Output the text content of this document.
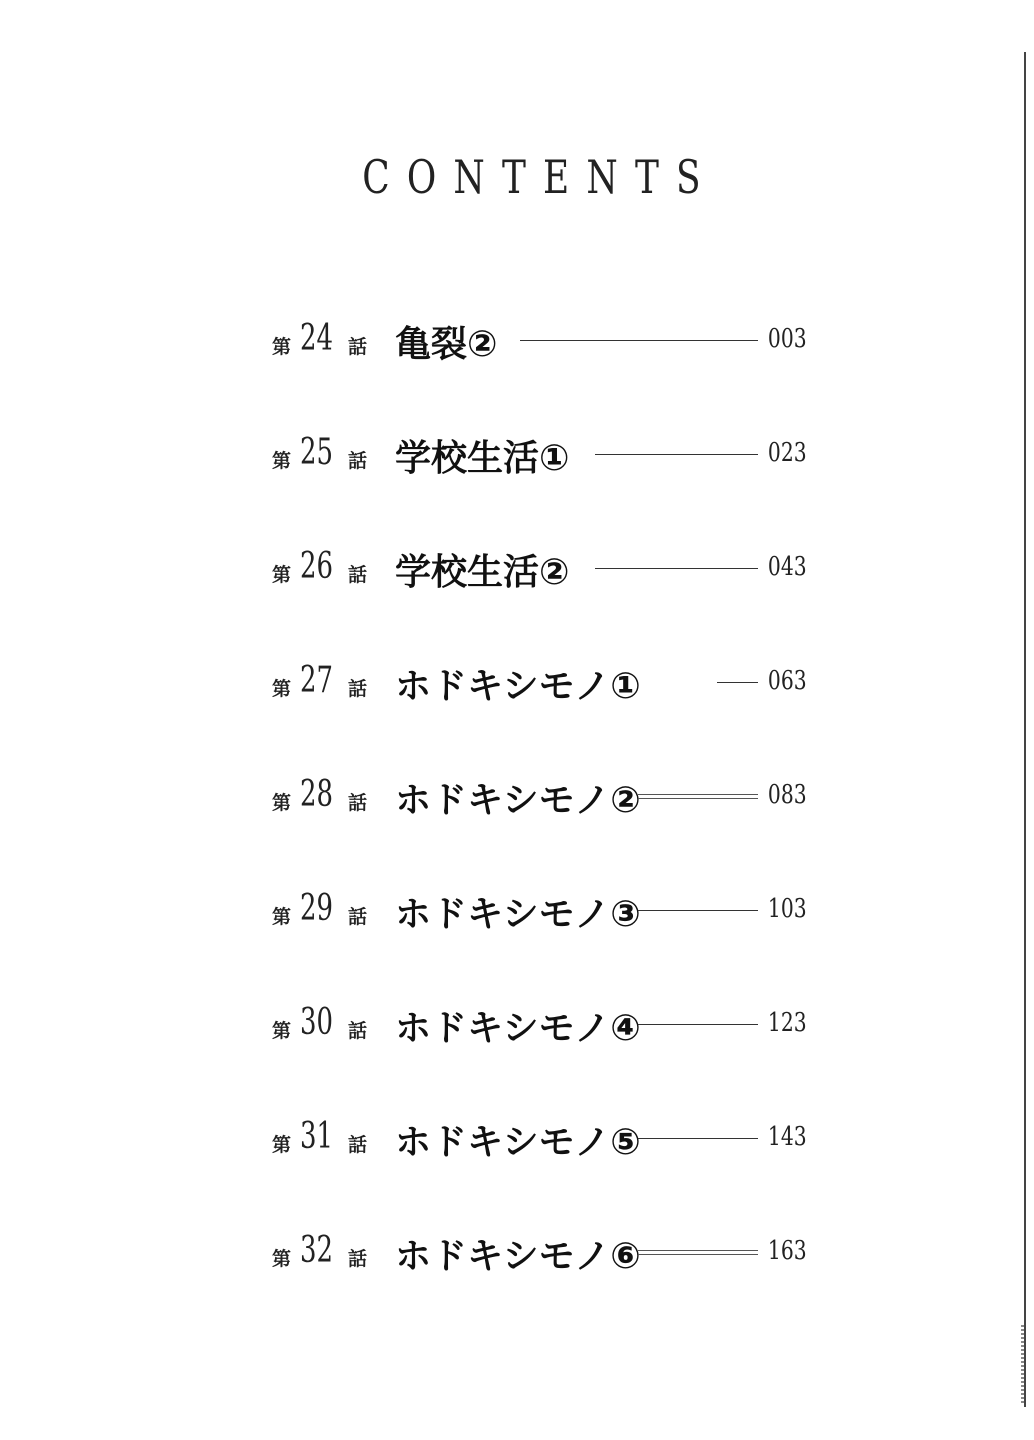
CONTENTS
第 24 話 亀裂②	003
第 25 話 学校生活①	023
第 26 話 学校生活②	043
第 27 話 ホドキシモノ①	063
第 28 話 ホドキシモノ②	083
第 29 話 ホドキシモノ③	103
第 30 話 ホドキシモノ④	123
第 31 話 ホドキシモノ⑤	143
第 32 話 ホドキシモノ⑥	163
